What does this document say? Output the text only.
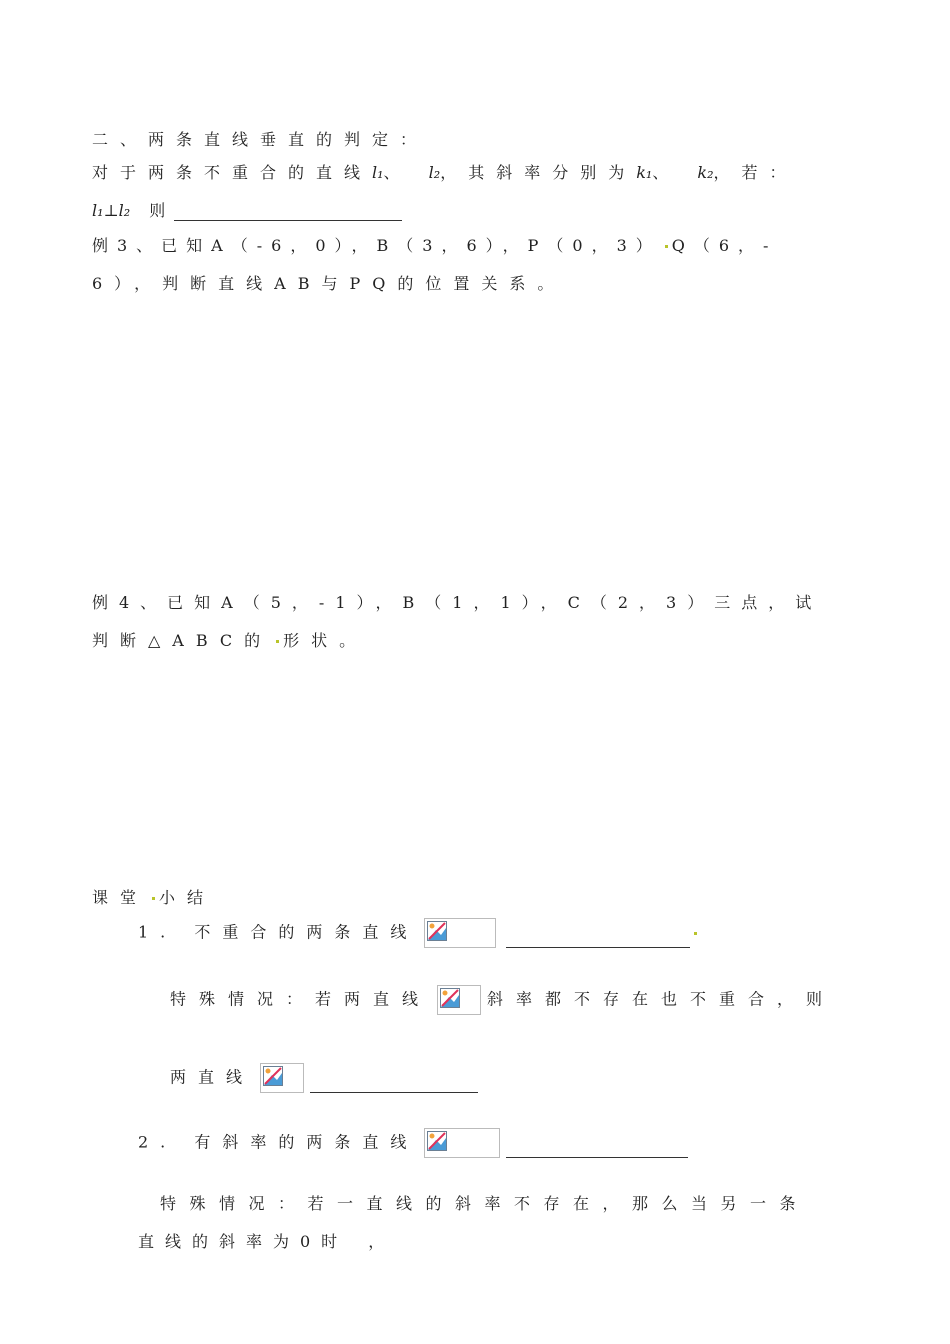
二、两条直线垂直的判定：
对于两条不重合的直线l₁、 l₂，其斜率分别为k₁、 k₂，若：
l₁⊥l₂ 则
例3、已知A（-6，0），B（3，6），P（0，3） Q（6，-
6），判断直线AB与PQ的位置关系。
例4、已知A（5，-1），B（1，1），C（2，3）三点，试
判断△ABC的 形状。
课堂 小结
1. 不重合的两条直线
特殊情况：若两直线	斜率都不存在也不重合，则
两直线
2. 有斜率的两条直线
特殊情况：若一直线的斜率不存在，那么当另一条
直线的斜率为0时 ，
